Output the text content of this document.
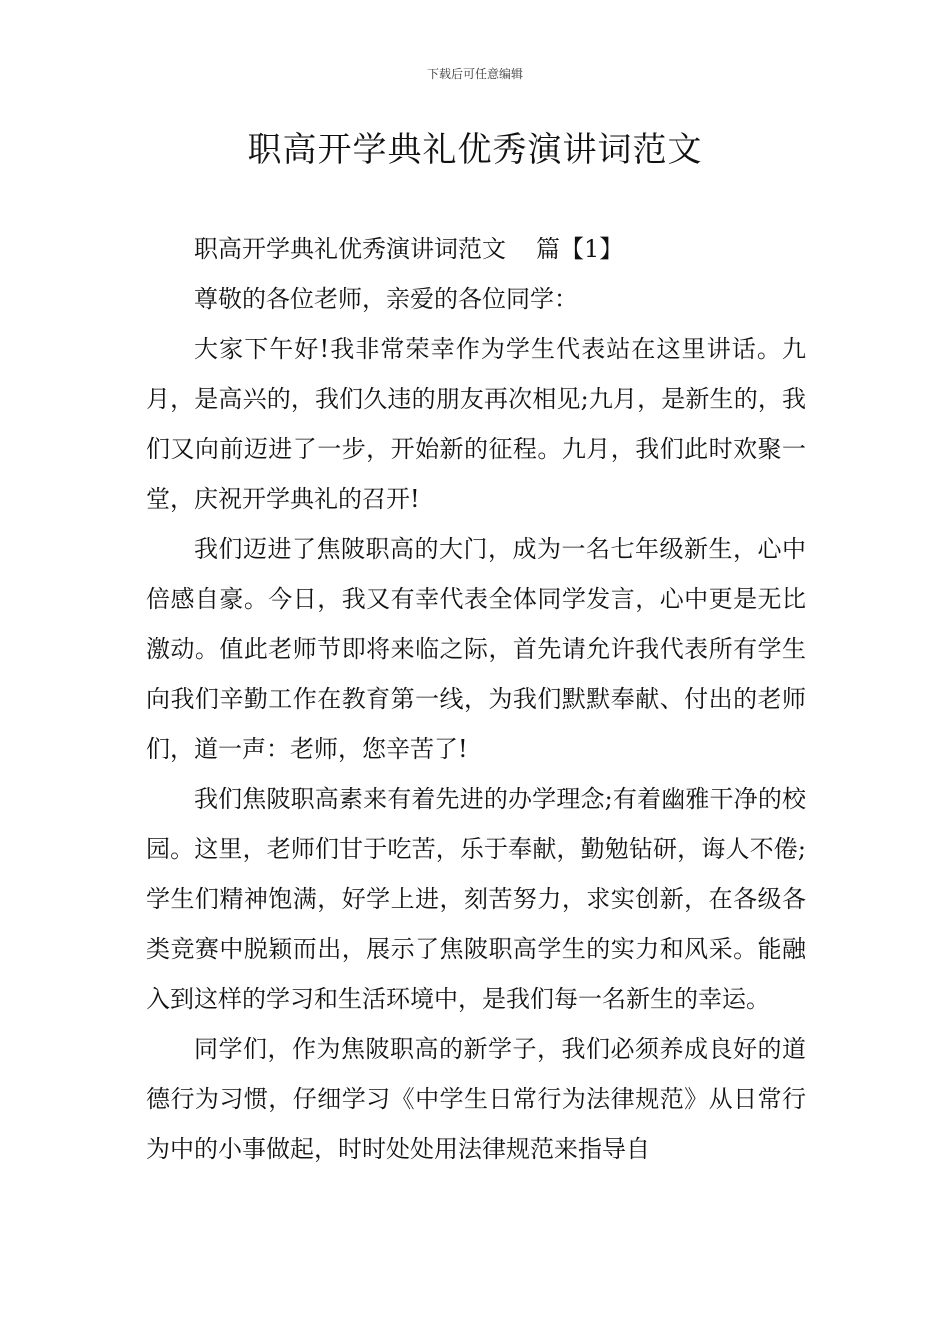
下载后可任意编辑
职高开学典礼优秀演讲词范文

职高开学典礼优秀演讲词范文 篇【1】

尊敬的各位老师，亲爱的各位同学：

大家下午好!我非常荣幸作为学生代表站在这里讲话。九月，是高兴的，我们久违的朋友再次相见;九月，是新生的，我们又向前迈进了一步，开始新的征程。九月，我们此时欢聚一堂，庆祝开学典礼的召开!

我们迈进了焦陂职高的大门，成为一名七年级新生，心中倍感自豪。今日，我又有幸代表全体同学发言，心中更是无比激动。值此老师节即将来临之际，首先请允许我代表所有学生向我们辛勤工作在教育第一线，为我们默默奉献、付出的老师们，道一声：老师，您辛苦了!

我们焦陂职高素来有着先进的办学理念;有着幽雅干净的校园。这里，老师们甘于吃苦，乐于奉献，勤勉钻研，诲人不倦;学生们精神饱满，好学上进，刻苦努力，求实创新，在各级各类竞赛中脱颖而出，展示了焦陂职高学生的实力和风采。能融入到这样的学习和生活环境中，是我们每一名新生的幸运。

同学们，作为焦陂职高的新学子，我们必须养成良好的道德行为习惯，仔细学习《中学生日常行为法律规范》从日常行为中的小事做起，时时处处用法律规范来指导自
